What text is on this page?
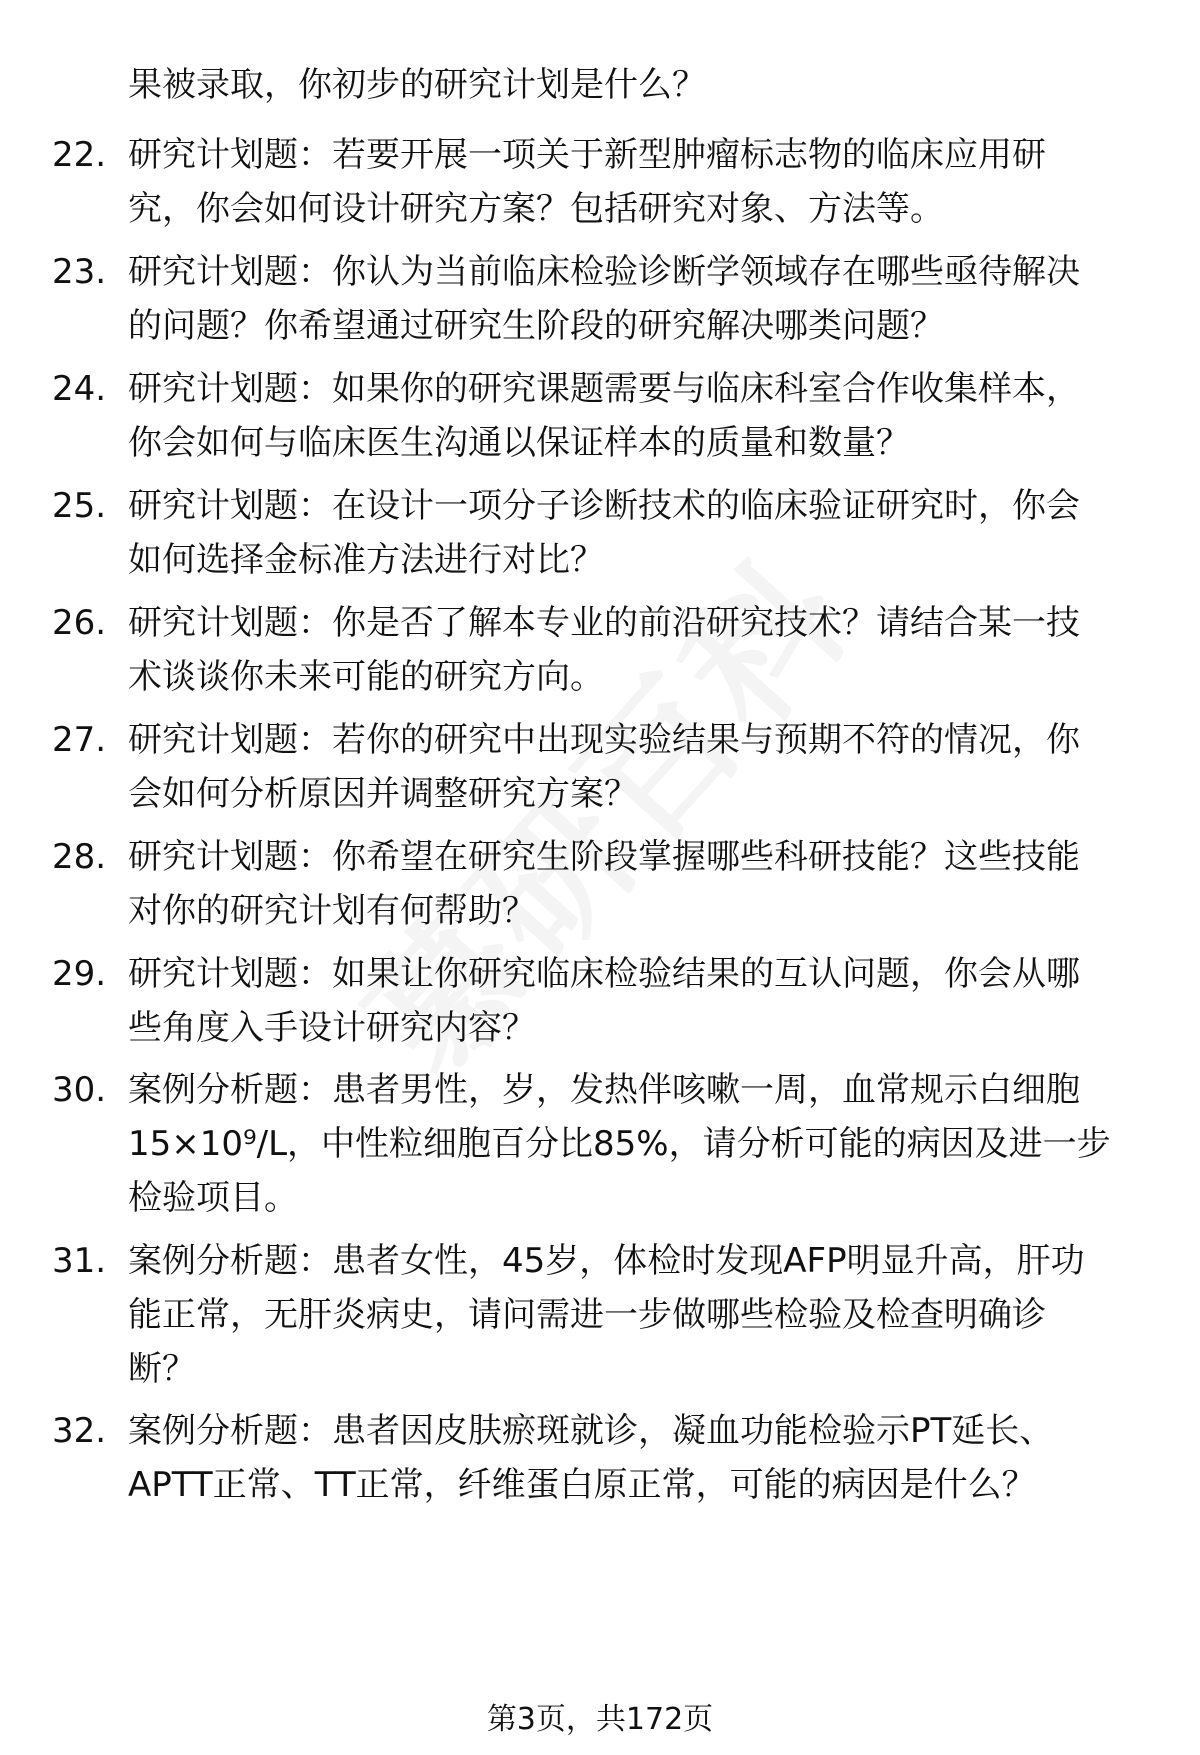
果被录取，你初步的研究计划是什么？
22. 研究计划题：若要开展一项关于新型肿瘤标志物的临床应用研
究，你会如何设计研究方案？包括研究对象、方法等。
23. 研究计划题：你认为当前临床检验诊断学领域存在哪些亟待解决
的问题？你希望通过研究生阶段的研究解决哪类问题？
24. 研究计划题：如果你的研究课题需要与临床科室合作收集样本，
你会如何与临床医生沟通以保证样本的质量和数量？
25. 研究计划题：在设计一项分子诊断技术的临床验证研究时，你会
如何选择金标准方法进行对比？
26. 研究计划题：你是否了解本专业的前沿研究技术？请结合某一技
术谈谈你未来可能的研究方向。
27. 研究计划题：若你的研究中出现实验结果与预期不符的情况，你
会如何分析原因并调整研究方案？
28. 研究计划题：你希望在研究生阶段掌握哪些科研技能？这些技能
对你的研究计划有何帮助？
29. 研究计划题：如果让你研究临床检验结果的互认问题，你会从哪
些角度入手设计研究内容？
30. 案例分析题：患者男性，岁，发热伴咳嗽一周，血常规示白细胞
15×10⁹/L，中性粒细胞百分比85%，请分析可能的病因及进一步
检验项目。
31. 案例分析题：患者女性，45岁，体检时发现AFP明显升高，肝功
能正常，无肝炎病史，请问需进一步做哪些检验及检查明确诊
断？
32. 案例分析题：患者因皮肤瘀斑就诊，凝血功能检验示PT延长、
APTT正常、TT正常，纤维蛋白原正常，可能的病因是什么？
第3页，共172页
